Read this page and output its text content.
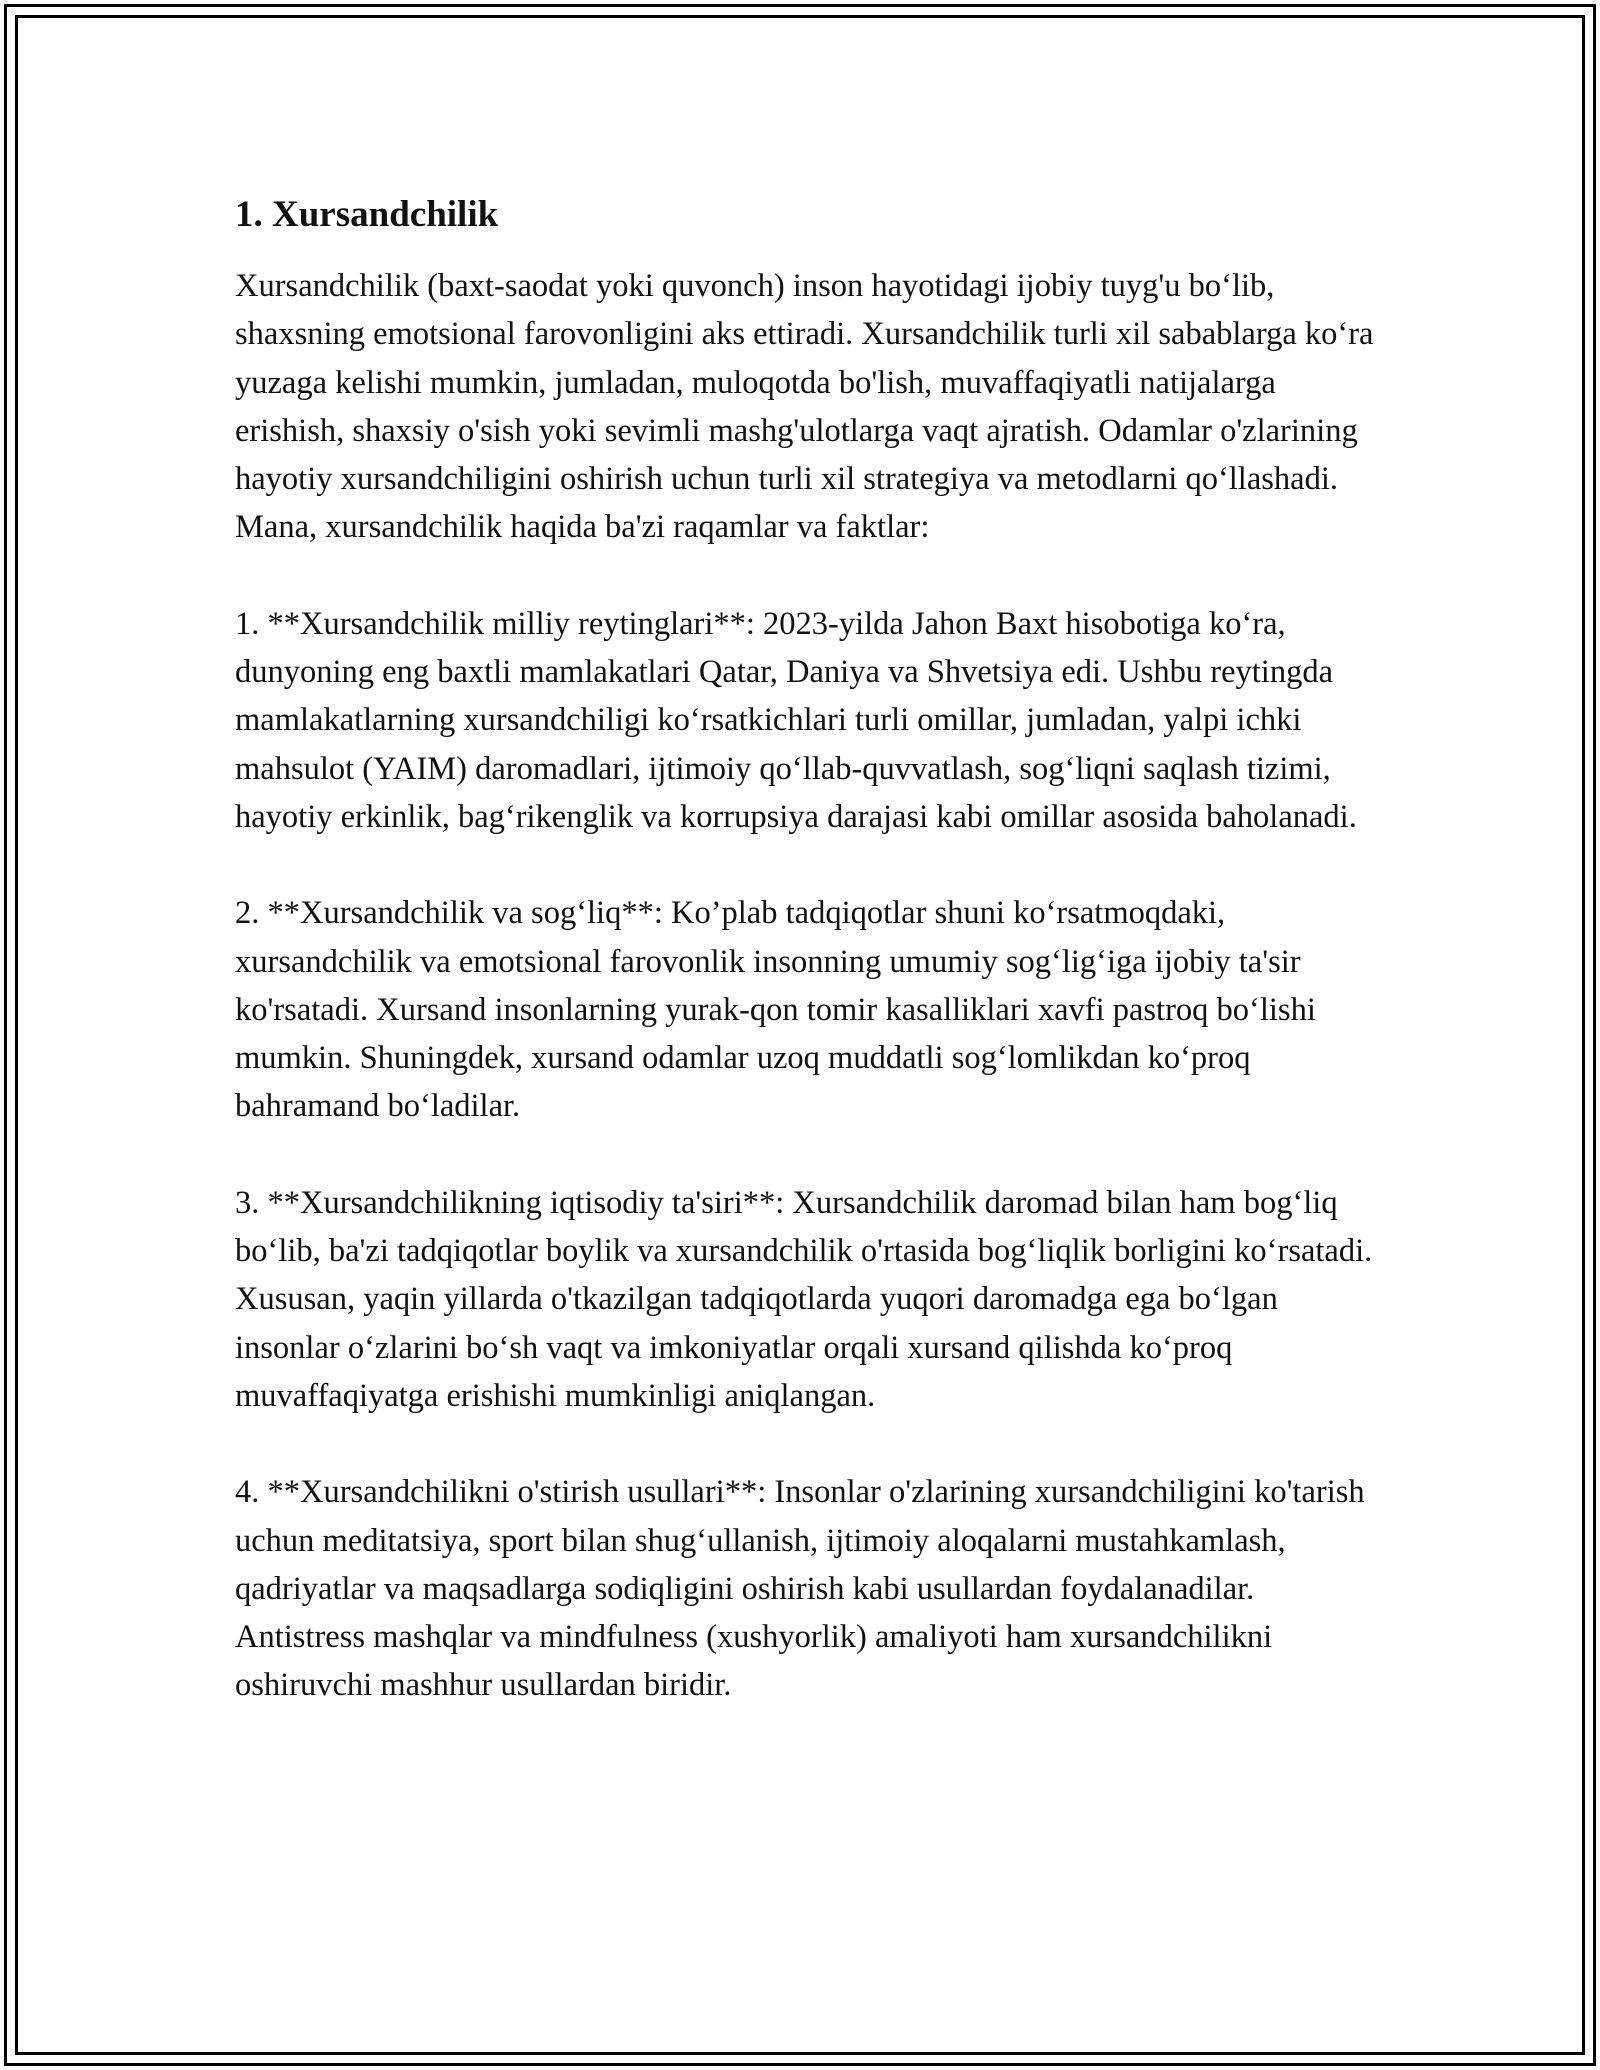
1. Xursandchilik

Xursandchilik (baxt-saodat yoki quvonch) inson hayotidagi ijobiy tuyg'u bo‘lib, shaxsning emotsional farovonligini aks ettiradi. Xursandchilik turli xil sabablarga ko‘ra yuzaga kelishi mumkin, jumladan, muloqotda bo'lish, muvaffaqiyatli natijalarga erishish, shaxsiy o'sish yoki sevimli mashg'ulotlarga vaqt ajratish. Odamlar o'zlarining hayotiy xursandchiligini oshirish uchun turli xil strategiya va metodlarni qo‘llashadi. Mana, xursandchilik haqida ba'zi raqamlar va faktlar:

1. **Xursandchilik milliy reytinglari**: 2023-yilda Jahon Baxt hisobotiga ko‘ra, dunyoning eng baxtli mamlakatlari Qatar, Daniya va Shvetsiya edi. Ushbu reytingda mamlakatlarning xursandchiligi ko‘rsatkichlari turli omillar, jumladan, yalpi ichki mahsulot (YAIM) daromadlari, ijtimoiy qo‘llab-quvvatlash, sog‘liqni saqlash tizimi, hayotiy erkinlik, bag‘rikenglik va korrupsiya darajasi kabi omillar asosida baholanadi.

2. **Xursandchilik va sog‘liq**: Ko’plab tadqiqotlar shuni ko‘rsatmoqdaki, xursandchilik va emotsional farovonlik insonning umumiy sog‘lig‘iga ijobiy ta'sir ko'rsatadi. Xursand insonlarning yurak-qon tomir kasalliklari xavfi pastroq bo‘lishi mumkin. Shuningdek, xursand odamlar uzoq muddatli sog‘lomlikdan ko‘proq bahramand bo‘ladilar.

3. **Xursandchilikning iqtisodiy ta'siri**: Xursandchilik daromad bilan ham bog‘liq bo‘lib, ba'zi tadqiqotlar boylik va xursandchilik o'rtasida bog‘liqlik borligini ko‘rsatadi. Xususan, yaqin yillarda o'tkazilgan tadqiqotlarda yuqori daromadga ega bo‘lgan insonlar o‘zlarini bo‘sh vaqt va imkoniyatlar orqali xursand qilishda ko‘proq muvaffaqiyatga erishishi mumkinligi aniqlangan.

4. **Xursandchilikni o'stirish usullari**: Insonlar o'zlarining xursandchiligini ko'tarish uchun meditatsiya, sport bilan shug‘ullanish, ijtimoiy aloqalarni mustahkamlash, qadriyatlar va maqsadlarga sodiqligini oshirish kabi usullardan foydalanadilar. Antistress mashqlar va mindfulness (xushyorlik) amaliyoti ham xursandchilikni oshiruvchi mashhur usullardan biridir.
